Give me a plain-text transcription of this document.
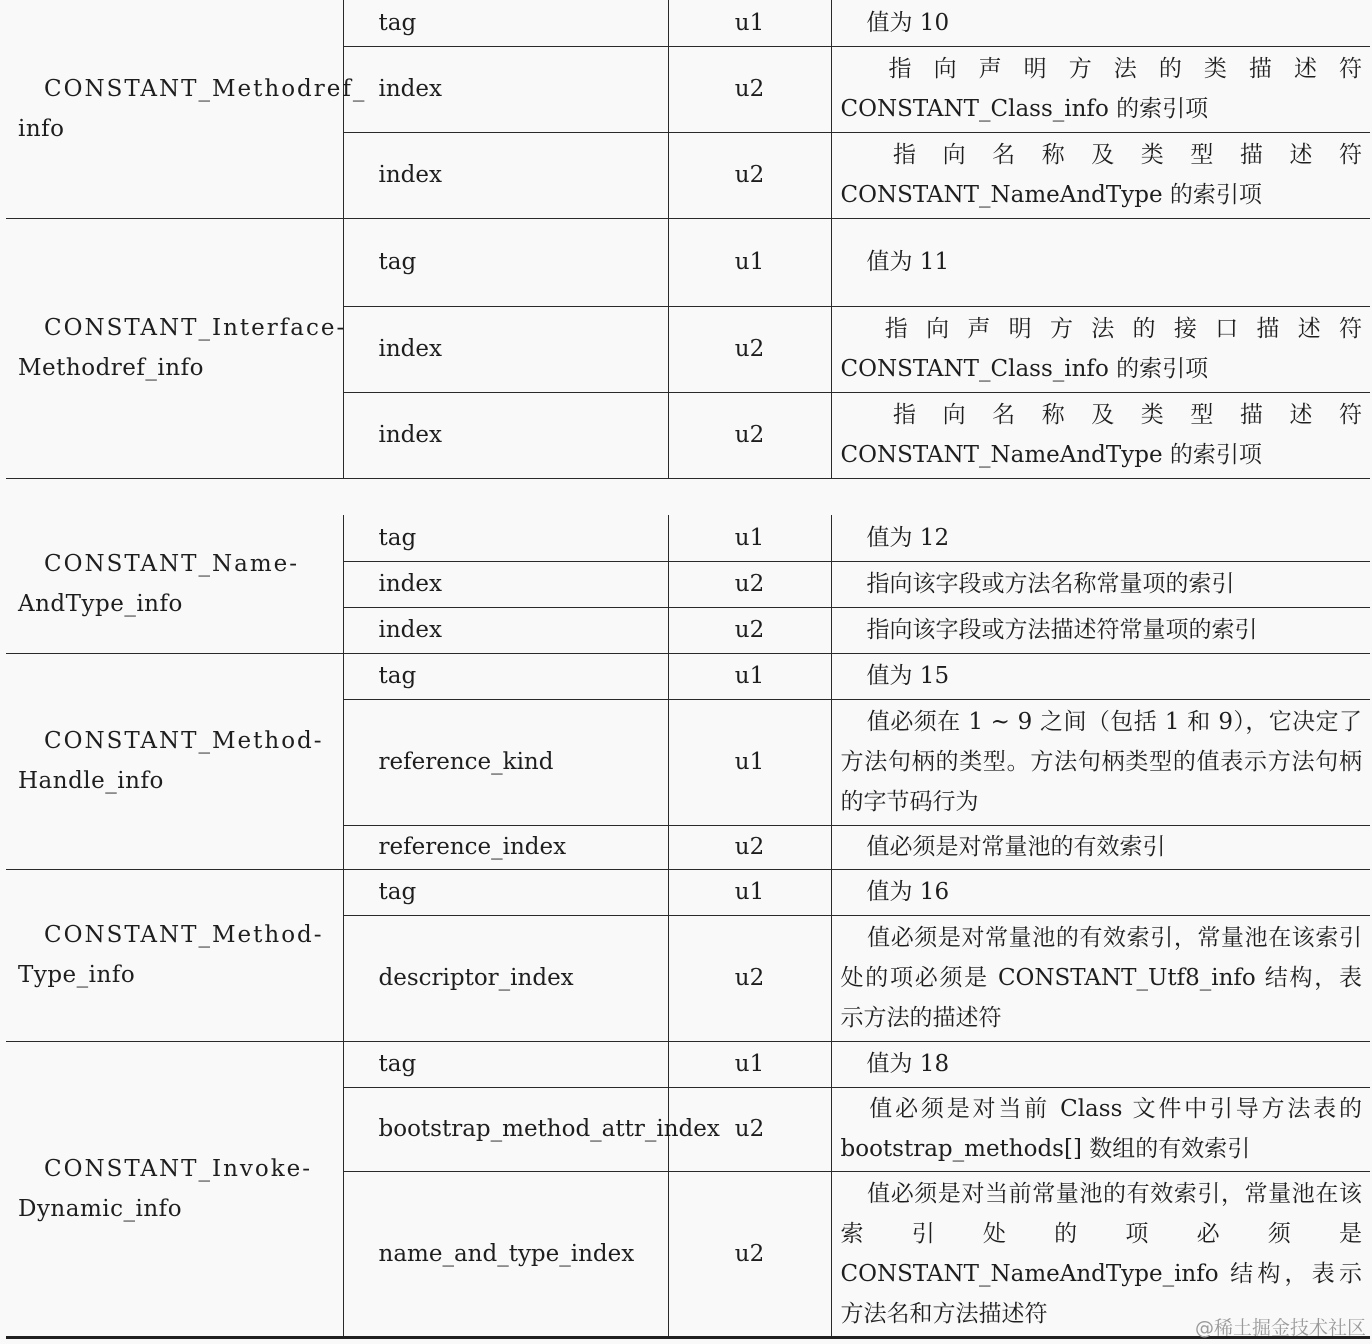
CONSTANT_Methodref_
info	tag	u1	值为 10
	index	u2	指向声明方法的类描述符 CONSTANT_Class_info 的索引项
	index	u2	指向名称及类型描述符 CONSTANT_NameAndType 的索引项

CONSTANT_Interface-
Methodref_info	tag	u1	值为 11
	index	u2	指向声明方法的接口描述符 CONSTANT_Class_info 的索引项
	index	u2	指向名称及类型描述符 CONSTANT_NameAndType 的索引项
CONSTANT_Name-
AndType_info	tag	u1	值为 12
	index	u2	指向该字段或方法名称常量项的索引
	index	u2	指向该字段或方法描述符常量项的索引

CONSTANT_Method-
Handle_info	tag	u1	值为 15
	reference_kind	u1	值必须在 1 ~ 9 之间（包括 1 和 9），它决定了方法句柄的类型。方法句柄类型的值表示方法句柄的字节码行为
	reference_index	u2	值必须是对常量池的有效索引

CONSTANT_Method-
Type_info	tag	u1	值为 16
	descriptor_index	u2	值必须是对常量池的有效索引，常量池在该索引处的项必须是 CONSTANT_Utf8_info 结构，表示方法的描述符

CONSTANT_Invoke-
Dynamic_info	tag	u1	值为 18
	bootstrap_method_attr_index	u2	值必须是对当前 Class 文件中引导方法表的 bootstrap_methods[] 数组的有效索引
	name_and_type_index	u2	值必须是对当前常量池的有效索引，常量池在该索引处的项必须是 CONSTANT_NameAndType_info 结构，表示方法名和方法描述符
@稀土掘金技术社区
